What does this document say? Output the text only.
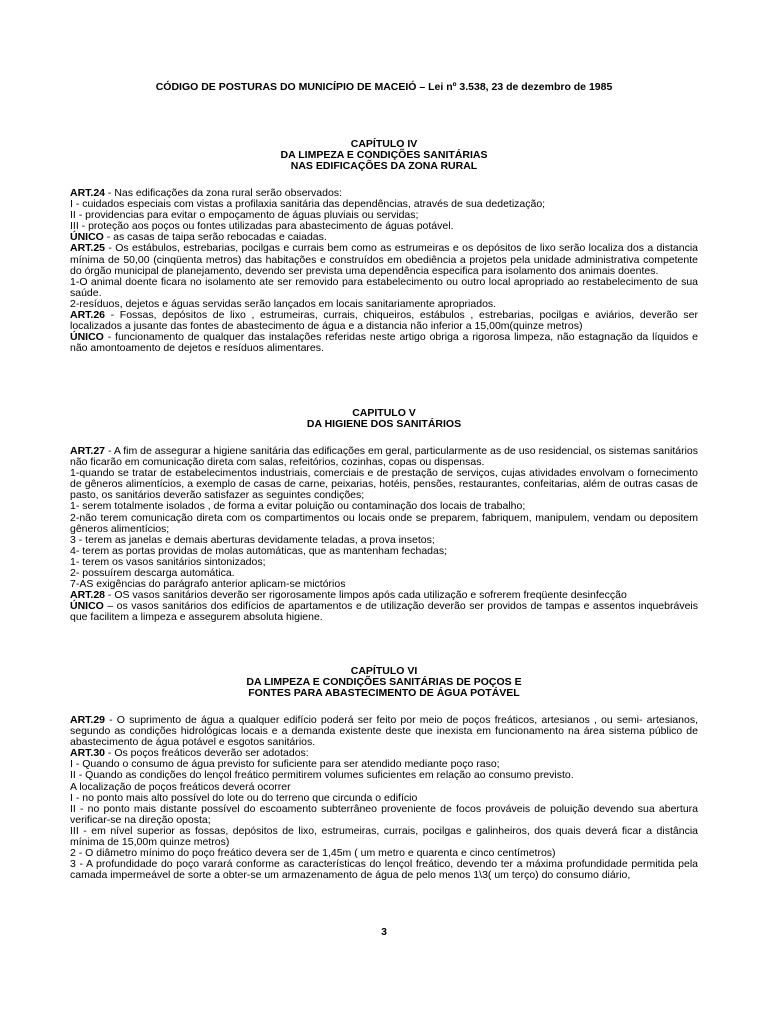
CÓDIGO DE POSTURAS DO MUNICÍPIO DE MACEIÓ – Lei nº 3.538, 23 de dezembro de 1985
CAPÍTULO IV
DA LIMPEZA E CONDIÇÕES SANITÁRIAS
NAS EDIFICAÇÕES DA ZONA RURAL

ART.24 - Nas edificações da zona rural serão observados:

I - cuidados especiais com vistas a profilaxia sanitária das dependências, através de sua dedetização;

II - providencias para evitar o empoçamento de águas pluviais ou servidas;

III - proteção aos poços ou fontes utilizadas para abastecimento de águas potável.

ÚNICO - as casas de taipa serão rebocadas e caiadas.

ART.25 - Os estábulos, estrebarias, pocilgas e currais bem como as estrumeiras e os depósitos de lixo serão localiza dos a distancia mínima de 50,00 (cinqüenta metros) das habitações e construídos em obediência a projetos pela unidade administrativa competente do órgão municipal de planejamento, devendo ser prevista uma dependência especifica para isolamento dos animais doentes.

1-O animal doente ficara no isolamento ate ser removido para estabelecimento ou outro local apropriado ao restabelecimento de sua saúde.

2-resíduos, dejetos e águas servidas serão lançados em locais sanitariamente apropriados.

ART.26 - Fossas, depósitos de lixo , estrumeiras, currais, chiqueiros, estábulos , estrebarias, pocilgas e aviários, deverão ser localizados a jusante das fontes de abastecimento de água e a distancia não inferior a 15,00m(quinze metros)

ÚNICO - funcionamento de qualquer das instalações referidas neste artigo obriga a rigorosa limpeza, não estagnação da líquidos e não amontoamento de dejetos e resíduos alimentares.

CAPITULO V
DA HIGIENE DOS SANITÁRIOS

ART.27 - A fim de assegurar a higiene sanitária das edificações em geral, particularmente as de uso residencial, os sistemas sanitários não ficarão em comunicação direta com salas, refeitórios, cozinhas, copas ou dispensas.

1-quando se tratar de estabelecimentos industriais, comerciais e de prestação de serviços, cujas atividades envolvam o fornecimento de gêneros alimentícios, a exemplo de casas de carne, peixarias, hotéis, pensões, restaurantes, confeitarias, além de outras casas de pasto, os sanitários deverão satisfazer as seguintes condições;

1- serem totalmente isolados , de forma a evitar poluição ou contaminação dos locais de trabalho;

2-não terem comunicação direta com os compartimentos ou locais onde se preparem, fabriquem, manipulem, vendam ou depositem gêneros alimentícios;

3 - terem as janelas e demais aberturas devidamente teladas, a prova insetos;

4- terem as portas providas de molas automáticas, que as mantenham fechadas;

1- terem os vasos sanitários sintonizados;

2- possuírem descarga automática.

7-AS exigências do parágrafo anterior aplicam-se mictórios

ART.28 - OS vasos sanitários deverão ser rigorosamente limpos após cada utilização e sofrerem freqüente desinfecção

ÚNICO – os vasos sanitários dos edifícios de apartamentos e de utilização deverão ser providos de tampas e assentos inquebráveis que facilitem a limpeza e assegurem absoluta higiene.

CAPÍTULO VI
DA LIMPEZA E CONDIÇÕES SANITÁRIAS DE POÇOS E
FONTES PARA ABASTECIMENTO DE ÁGUA POTÁVEL

ART.29 - O suprimento de água a qualquer edifício poderá ser feito por meio de poços freáticos, artesianos , ou semi- artesianos, segundo as condições hidrológicas locais e a demanda existente deste que inexista em funcionamento na área sistema público de abastecimento de água potável e esgotos sanitários.

ART.30 - Os poços freáticos deverão ser adotados:

I - Quando o consumo de água previsto for suficiente para ser atendido mediante poço raso;

II - Quando as condições do lençol freático permitirem volumes suficientes em relação ao consumo previsto.

A localização de poços freáticos deverá ocorrer

I - no ponto mais alto possível do lote ou do terreno que circunda o edifício

II - no ponto mais distante possível do escoamento subterrâneo proveniente de focos prováveis de poluição devendo sua abertura verificar-se na direção oposta;

III - em nível superior as fossas, depósitos de lixo, estrumeiras, currais, pocilgas e galinheiros, dos quais deverá ficar a distância mínima de 15,00m quinze metros)

2 - O diâmetro mínimo do poço freático devera ser de 1,45m ( um metro e quarenta e cinco centímetros)

3 - A profundidade do poço varará conforme as características do lençol freático, devendo ter a máxima profundidade permitida pela camada impermeável de sorte a obter-se um armazenamento de água de pelo menos 1\3( um terço) do consumo diário,

3
